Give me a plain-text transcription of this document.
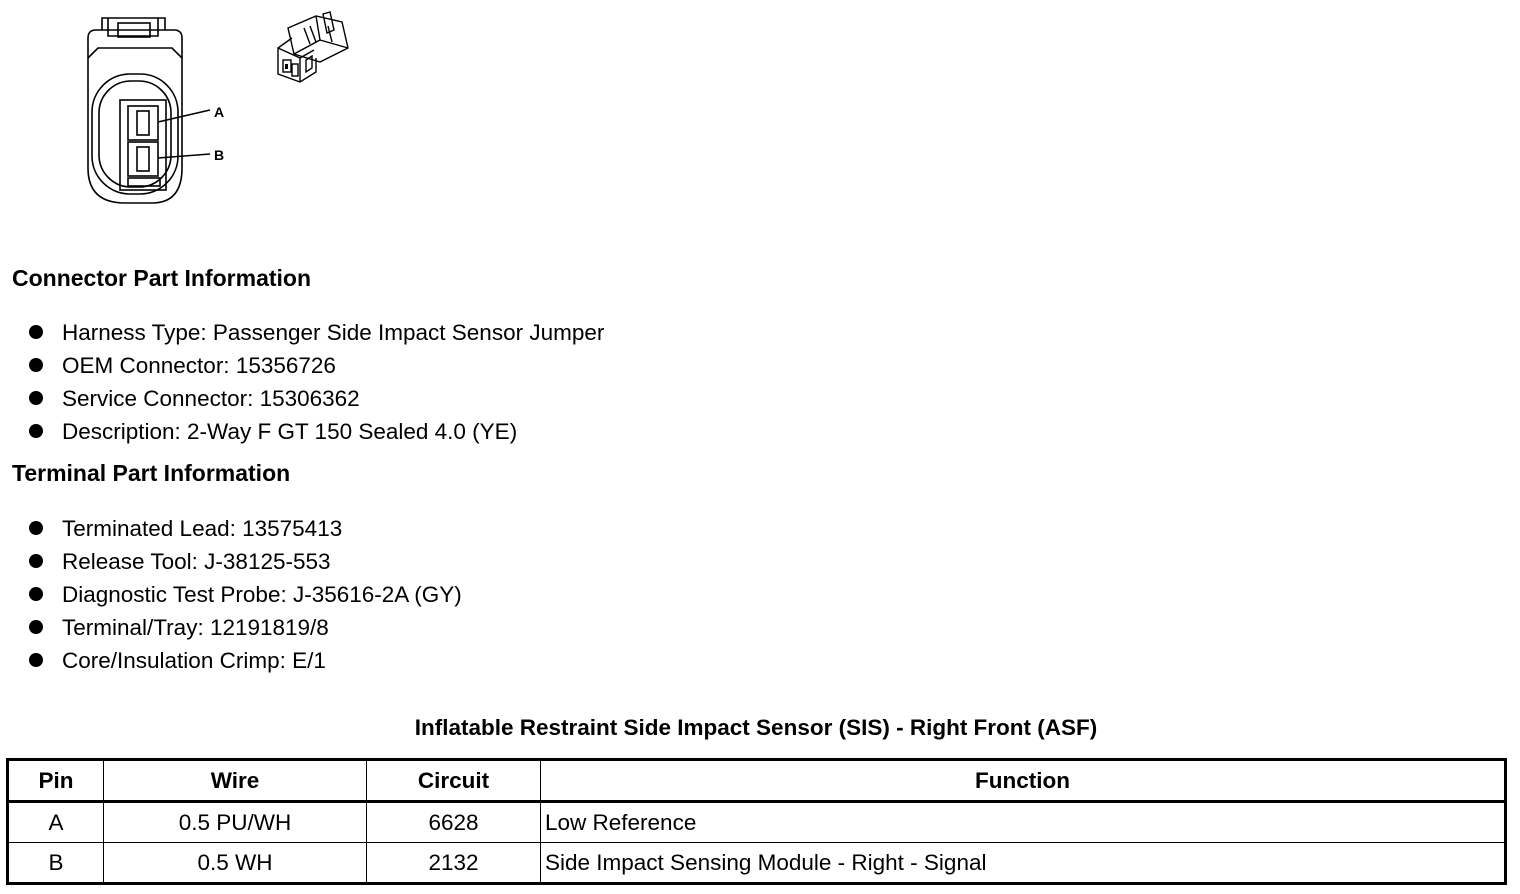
A
B
Connector Part Information
Harness Type: Passenger Side Impact Sensor Jumper
OEM Connector: 15356726
Service Connector: 15306362
Description: 2-Way F GT 150 Sealed 4.0 (YE)
Terminal Part Information
Terminated Lead: 13575413
Release Tool: J-38125-553
Diagnostic Test Probe: J-35616-2A (GY)
Terminal/Tray: 12191819/8
Core/Insulation Crimp: E/1
Inflatable Restraint Side Impact Sensor (SIS) - Right Front (ASF)
Pin	Wire	Circuit	Function
A	0.5 PU/WH	6628	Low Reference
B	0.5 WH	2132	Side Impact Sensing Module - Right - Signal
